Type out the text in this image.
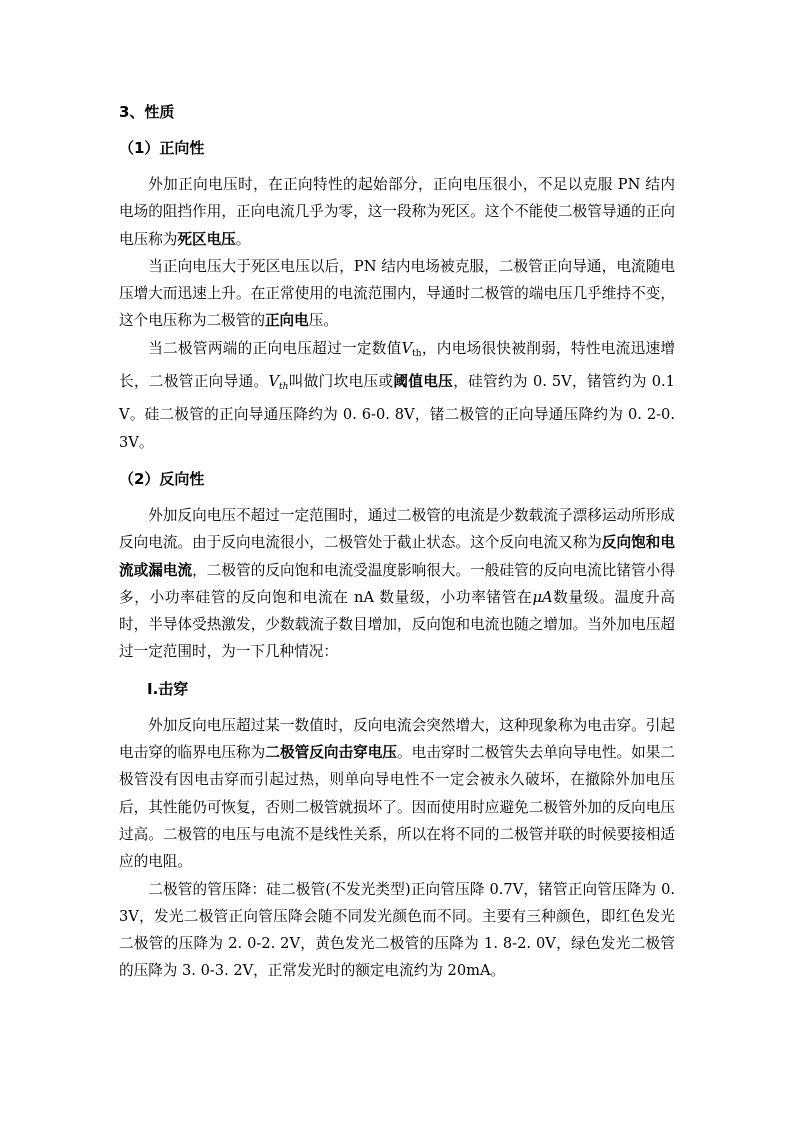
3、性质
（1）正向性

外加正向电压时，在正向特性的起始部分，正向电压很小，不足以克服 PN 结内电场的阻挡作用，正向电流几乎为零，这一段称为死区。这个不能使二极管导通的正向电压称为死区电压。

当正向电压大于死区电压以后，PN 结内电场被克服，二极管正向导通，电流随电压增大而迅速上升。在正常使用的电流范围内，导通时二极管的端电压几乎维持不变，这个电压称为二极管的正向电压。

当二极管两端的正向电压超过一定数值$V_{th}$，内电场很快被削弱，特性电流迅速增长，二极管正向导通。$V_{th}$叫做门坎电压或阈值电压，硅管约为 0. 5V，锗管约为 0.1 V。硅二极管的正向导通压降约为 0. 6-0. 8V，锗二极管的正向导通压降约为 0. 2-0. 3V。

（2）反向性

外加反向电压不超过一定范围时，通过二极管的电流是少数载流子漂移运动所形成反向电流。由于反向电流很小，二极管处于截止状态。这个反向电流又称为反向饱和电流或漏电流，二极管的反向饱和电流受温度影响很大。一般硅管的反向电流比锗管小得多，小功率硅管的反向饱和电流在 nA 数量级，小功率锗管在μA数量级。温度升高时，半导体受热激发，少数载流子数目增加，反向饱和电流也随之增加。当外加电压超过一定范围时，为一下几种情况：

Ⅰ.击穿

外加反向电压超过某一数值时，反向电流会突然增大，这种现象称为电击穿。引起电击穿的临界电压称为二极管反向击穿电压。电击穿时二极管失去单向导电性。如果二极管没有因电击穿而引起过热，则单向导电性不一定会被永久破坏，在撤除外加电压后，其性能仍可恢复，否则二极管就损坏了。因而使用时应避免二极管外加的反向电压过高。二极管的电压与电流不是线性关系，所以在将不同的二极管并联的时候要接相适应的电阻。

二极管的管压降：硅二极管(不发光类型)正向管压降 0.7V，锗管正向管压降为 0. 3V，发光二极管正向管压降会随不同发光颜色而不同。主要有三种颜色，即红色发光二极管的压降为 2. 0-2. 2V，黄色发光二极管的压降为 1. 8-2. 0V，绿色发光二极管的压降为 3. 0-3. 2V，正常发光时的额定电流约为 20mA。
